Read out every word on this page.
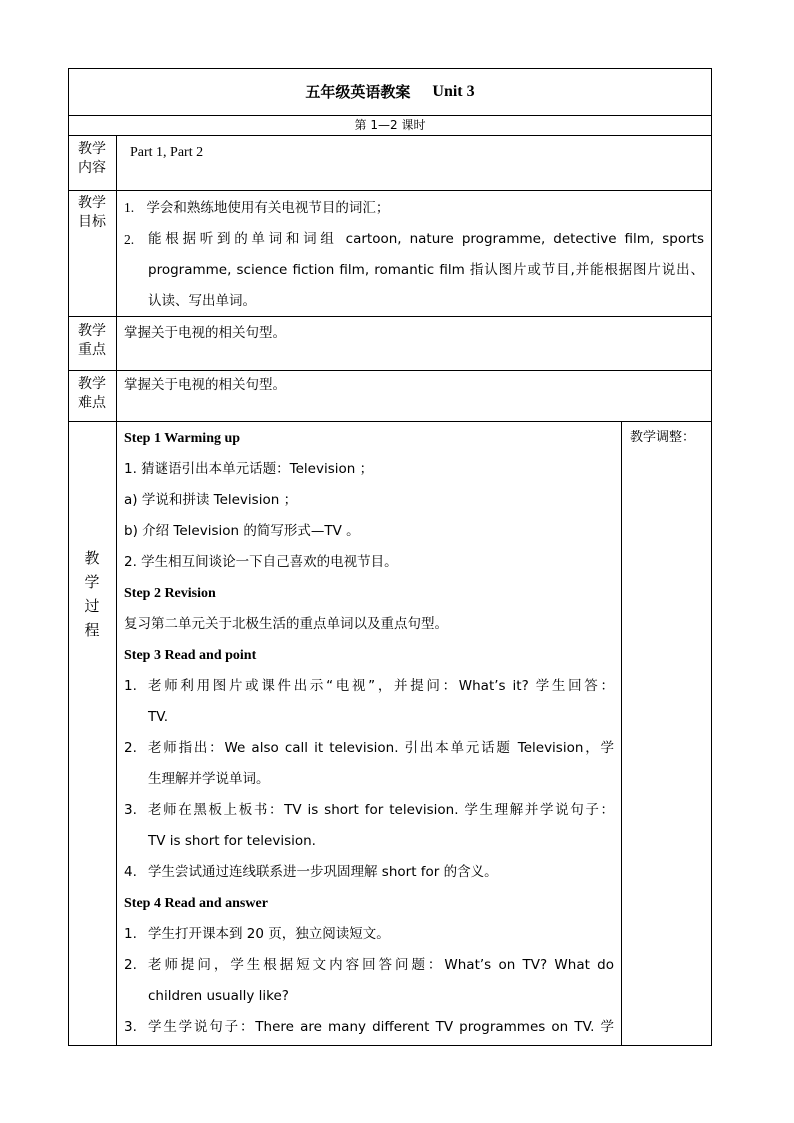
五年级英语教案 Unit 3
第 1—2 课时
教学
内容
Part 1, Part 2
教学
目标
1. 学会和熟练地使用有关电视节目的词汇；
2.	能根据听到的单词和词组 cartoon, nature programme, detective film, sports
programme, science fiction film, romantic film 指认图片或节目,并能根据图片说出、
认读、写出单词。
教学
重点
掌握关于电视的相关句型。
教学
难点
掌握关于电视的相关句型。
教
学
过
程
教学调整：
Step 1 Warming up
1. 猜谜语引出本单元话题：Television ；
a) 学说和拼读 Television ；
b) 介绍 Television 的简写形式—TV 。
2. 学生相互间谈论一下自己喜欢的电视节目。
Step 2 Revision
复习第二单元关于北极生活的重点单词以及重点句型。
Step 3 Read and point
1. 老师利用图片或课件出示“电视”，并提问：What’s it? 学生回答：
TV.
2. 老师指出：We also call it television. 引出本单元话题 Television，学
生理解并学说单词。
3. 老师在黑板上板书：TV is short for television. 学生理解并学说句子：
TV is short for television.
4. 学生尝试通过连线联系进一步巩固理解 short for 的含义。
Step 4 Read and answer
1. 学生打开课本到 20 页，独立阅读短文。
2. 老师提问，学生根据短文内容回答问题：What’s on TV? What do
children usually like?
3. 学生学说句子：There are many different TV programmes on TV. 学
